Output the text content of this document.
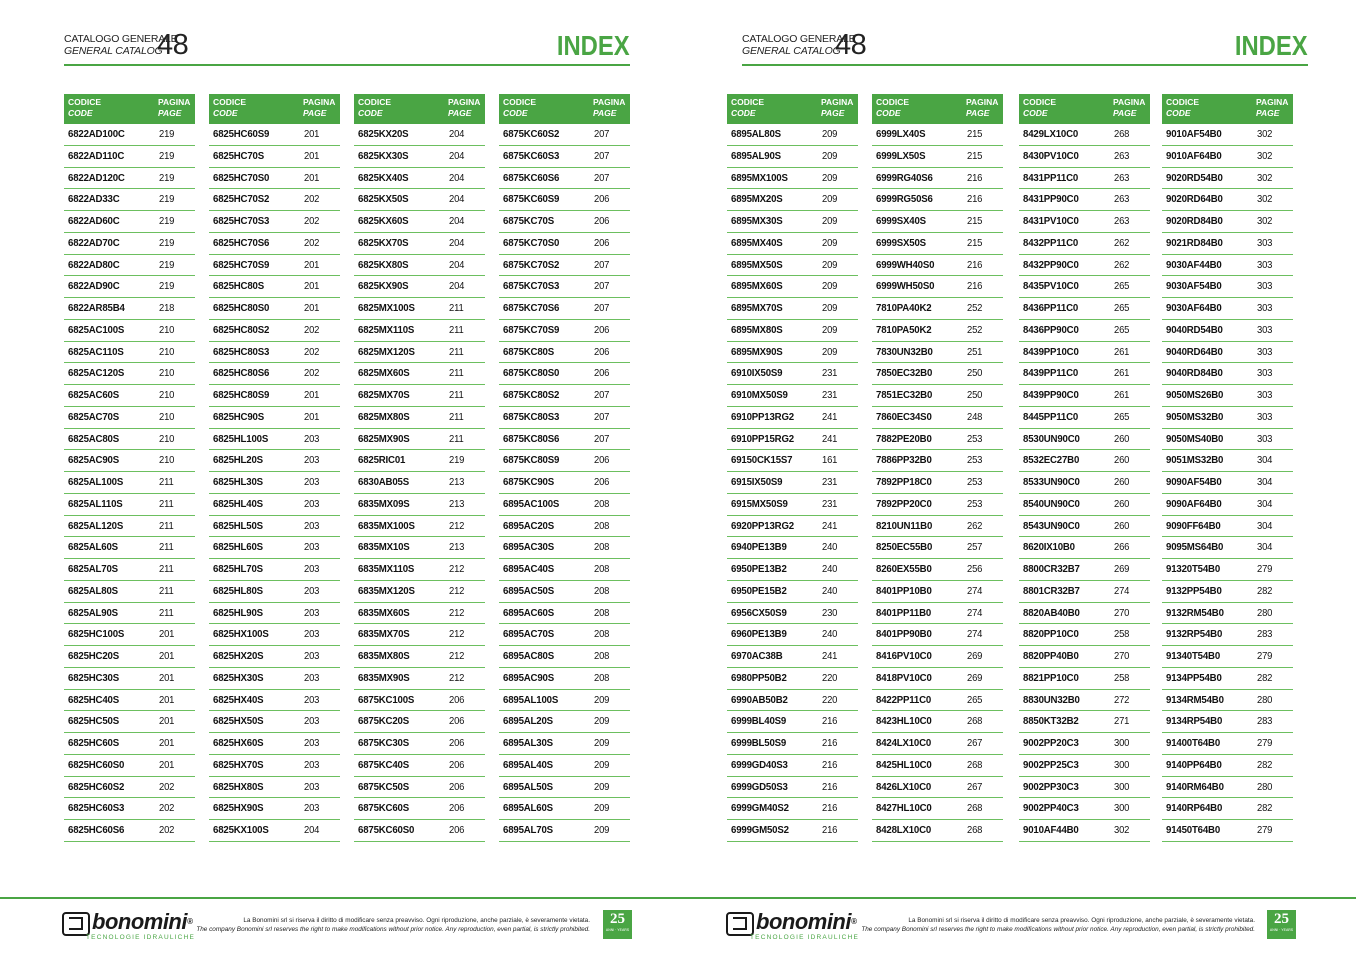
CATALOGO GENERALE
GENERAL CATALOG
48	INDEX
CODICE
CODE
PAGINA
PAGE
6822AD100C	219
6822AD110C	219
6822AD120C	219
6822AD33C	219
6822AD60C	219
6822AD70C	219
6822AD80C	219
6822AD90C	219
6822AR85B4	218
6825AC100S	210
6825AC110S	210
6825AC120S	210
6825AC60S	210
6825AC70S	210
6825AC80S	210
6825AC90S	210
6825AL100S	211
6825AL110S	211
6825AL120S	211
6825AL60S	211
6825AL70S	211
6825AL80S	211
6825AL90S	211
6825HC100S	201
6825HC20S	201
6825HC30S	201
6825HC40S	201
6825HC50S	201
6825HC60S	201
6825HC60S0	201
6825HC60S2	202
6825HC60S3	202
6825HC60S6	202
CODICE
CODE
PAGINA
PAGE
6825HC60S9	201
6825HC70S	201
6825HC70S0	201
6825HC70S2	202
6825HC70S3	202
6825HC70S6	202
6825HC70S9	201
6825HC80S	201
6825HC80S0	201
6825HC80S2	202
6825HC80S3	202
6825HC80S6	202
6825HC80S9	201
6825HC90S	201
6825HL100S	203
6825HL20S	203
6825HL30S	203
6825HL40S	203
6825HL50S	203
6825HL60S	203
6825HL70S	203
6825HL80S	203
6825HL90S	203
6825HX100S	203
6825HX20S	203
6825HX30S	203
6825HX40S	203
6825HX50S	203
6825HX60S	203
6825HX70S	203
6825HX80S	203
6825HX90S	203
6825KX100S	204
CODICE
CODE
PAGINA
PAGE
6825KX20S	204
6825KX30S	204
6825KX40S	204
6825KX50S	204
6825KX60S	204
6825KX70S	204
6825KX80S	204
6825KX90S	204
6825MX100S	211
6825MX110S	211
6825MX120S	211
6825MX60S	211
6825MX70S	211
6825MX80S	211
6825MX90S	211
6825RIC01	219
6830AB05S	213
6835MX09S	213
6835MX100S	212
6835MX10S	213
6835MX110S	212
6835MX120S	212
6835MX60S	212
6835MX70S	212
6835MX80S	212
6835MX90S	212
6875KC100S	206
6875KC20S	206
6875KC30S	206
6875KC40S	206
6875KC50S	206
6875KC60S	206
6875KC60S0	206
CODICE
CODE
PAGINA
PAGE
6875KC60S2	207
6875KC60S3	207
6875KC60S6	207
6875KC60S9	206
6875KC70S	206
6875KC70S0	206
6875KC70S2	207
6875KC70S3	207
6875KC70S6	207
6875KC70S9	206
6875KC80S	206
6875KC80S0	206
6875KC80S2	207
6875KC80S3	207
6875KC80S6	207
6875KC80S9	206
6875KC90S	206
6895AC100S	208
6895AC20S	208
6895AC30S	208
6895AC40S	208
6895AC50S	208
6895AC60S	208
6895AC70S	208
6895AC80S	208
6895AC90S	208
6895AL100S	209
6895AL20S	209
6895AL30S	209
6895AL40S	209
6895AL50S	209
6895AL60S	209
6895AL70S	209
bonomini®
TECNOLOGIE IDRAULICHE
La Bonomini srl si riserva il diritto di modificare senza preavviso. Ogni riproduzione, anche parziale, è severamente vietata.
The company Bonomini srl reserves the right to make modifications without prior notice. Any reproduction, even partial, is strictly prohibited.
25
ANNI · YEARS
CATALOGO GENERALE
GENERAL CATALOG
48	INDEX
CODICE
CODE
PAGINA
PAGE
6895AL80S	209
6895AL90S	209
6895MX100S	209
6895MX20S	209
6895MX30S	209
6895MX40S	209
6895MX50S	209
6895MX60S	209
6895MX70S	209
6895MX80S	209
6895MX90S	209
6910IX50S9	231
6910MX50S9	231
6910PP13RG2	241
6910PP15RG2	241
69150CK15S7	161
6915IX50S9	231
6915MX50S9	231
6920PP13RG2	241
6940PE13B9	240
6950PE13B2	240
6950PE15B2	240
6956CX50S9	230
6960PE13B9	240
6970AC38B	241
6980PP50B2	220
6990AB50B2	220
6999BL40S9	216
6999BL50S9	216
6999GD40S3	216
6999GD50S3	216
6999GM40S2	216
6999GM50S2	216
CODICE
CODE
PAGINA
PAGE
6999LX40S	215
6999LX50S	215
6999RG40S6	216
6999RG50S6	216
6999SX40S	215
6999SX50S	215
6999WH40S0	216
6999WH50S0	216
7810PA40K2	252
7810PA50K2	252
7830UN32B0	251
7850EC32B0	250
7851EC32B0	250
7860EC34S0	248
7882PE20B0	253
7886PP32B0	253
7892PP18C0	253
7892PP20C0	253
8210UN11B0	262
8250EC55B0	257
8260EX55B0	256
8401PP10B0	274
8401PP11B0	274
8401PP90B0	274
8416PV10C0	269
8418PV10C0	269
8422PP11C0	265
8423HL10C0	268
8424LX10C0	267
8425HL10C0	268
8426LX10C0	267
8427HL10C0	268
8428LX10C0	268
CODICE
CODE
PAGINA
PAGE
8429LX10C0	268
8430PV10C0	263
8431PP11C0	263
8431PP90C0	263
8431PV10C0	263
8432PP11C0	262
8432PP90C0	262
8435PV10C0	265
8436PP11C0	265
8436PP90C0	265
8439PP10C0	261
8439PP11C0	261
8439PP90C0	261
8445PP11C0	265
8530UN90C0	260
8532EC27B0	260
8533UN90C0	260
8540UN90C0	260
8543UN90C0	260
8620IX10B0	266
8800CR32B7	269
8801CR32B7	274
8820AB40B0	270
8820PP10C0	258
8820PP40B0	270
8821PP10C0	258
8830UN32B0	272
8850KT32B2	271
9002PP20C3	300
9002PP25C3	300
9002PP30C3	300
9002PP40C3	300
9010AF44B0	302
CODICE
CODE
PAGINA
PAGE
9010AF54B0	302
9010AF64B0	302
9020RD54B0	302
9020RD64B0	302
9020RD84B0	302
9021RD84B0	303
9030AF44B0	303
9030AF54B0	303
9030AF64B0	303
9040RD54B0	303
9040RD64B0	303
9040RD84B0	303
9050MS26B0	303
9050MS32B0	303
9050MS40B0	303
9051MS32B0	304
9090AF54B0	304
9090AF64B0	304
9090FF64B0	304
9095MS64B0	304
91320T54B0	279
9132PP54B0	282
9132RM54B0	280
9132RP54B0	283
91340T54B0	279
9134PP54B0	282
9134RM54B0	280
9134RP54B0	283
91400T64B0	279
9140PP64B0	282
9140RM64B0	280
9140RP64B0	282
91450T64B0	279
bonomini®
TECNOLOGIE IDRAULICHE
La Bonomini srl si riserva il diritto di modificare senza preavviso. Ogni riproduzione, anche parziale, è severamente vietata.
The company Bonomini srl reserves the right to make modifications without prior notice. Any reproduction, even partial, is strictly prohibited.
25
ANNI · YEARS
